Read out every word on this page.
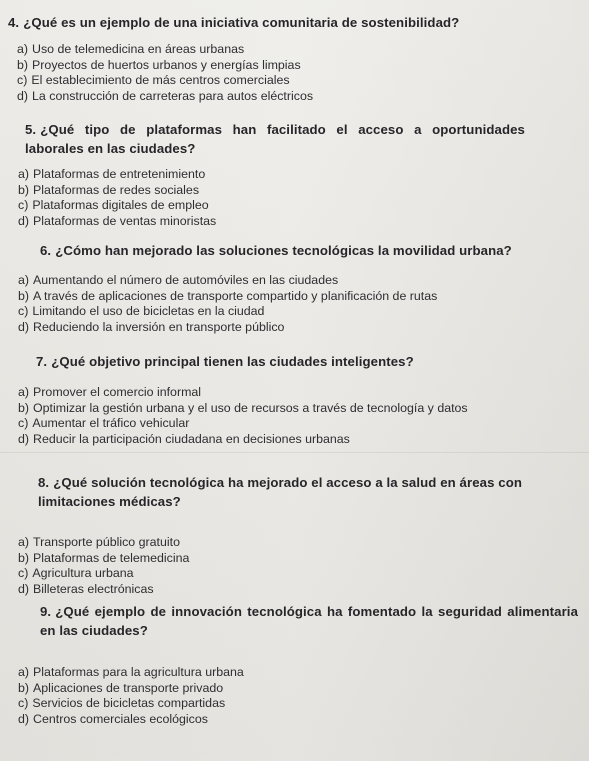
4. ¿Qué es un ejemplo de una iniciativa comunitaria de sostenibilidad?
a) Uso de telemedicina en áreas urbanas
b) Proyectos de huertos urbanos y energías limpias
c) El establecimiento de más centros comerciales
d) La construcción de carreteras para autos eléctricos
5. ¿Qué tipo de plataformas han facilitado el acceso a oportunidades laborales en las ciudades?
a) Plataformas de entretenimiento
b) Plataformas de redes sociales
c) Plataformas digitales de empleo
d) Plataformas de ventas minoristas
6. ¿Cómo han mejorado las soluciones tecnológicas la movilidad urbana?
a) Aumentando el número de automóviles en las ciudades
b) A través de aplicaciones de transporte compartido y planificación de rutas
c) Limitando el uso de bicicletas en la ciudad
d) Reduciendo la inversión en transporte público
7. ¿Qué objetivo principal tienen las ciudades inteligentes?
a) Promover el comercio informal
b) Optimizar la gestión urbana y el uso de recursos a través de tecnología y datos
c) Aumentar el tráfico vehicular
d) Reducir la participación ciudadana en decisiones urbanas
8. ¿Qué solución tecnológica ha mejorado el acceso a la salud en áreas con limitaciones médicas?
a) Transporte público gratuito
b) Plataformas de telemedicina
c) Agricultura urbana
d) Billeteras electrónicas
9. ¿Qué ejemplo de innovación tecnológica ha fomentado la seguridad alimentaria en las ciudades?
a) Plataformas para la agricultura urbana
b) Aplicaciones de transporte privado
c) Servicios de bicicletas compartidas
d) Centros comerciales ecológicos
